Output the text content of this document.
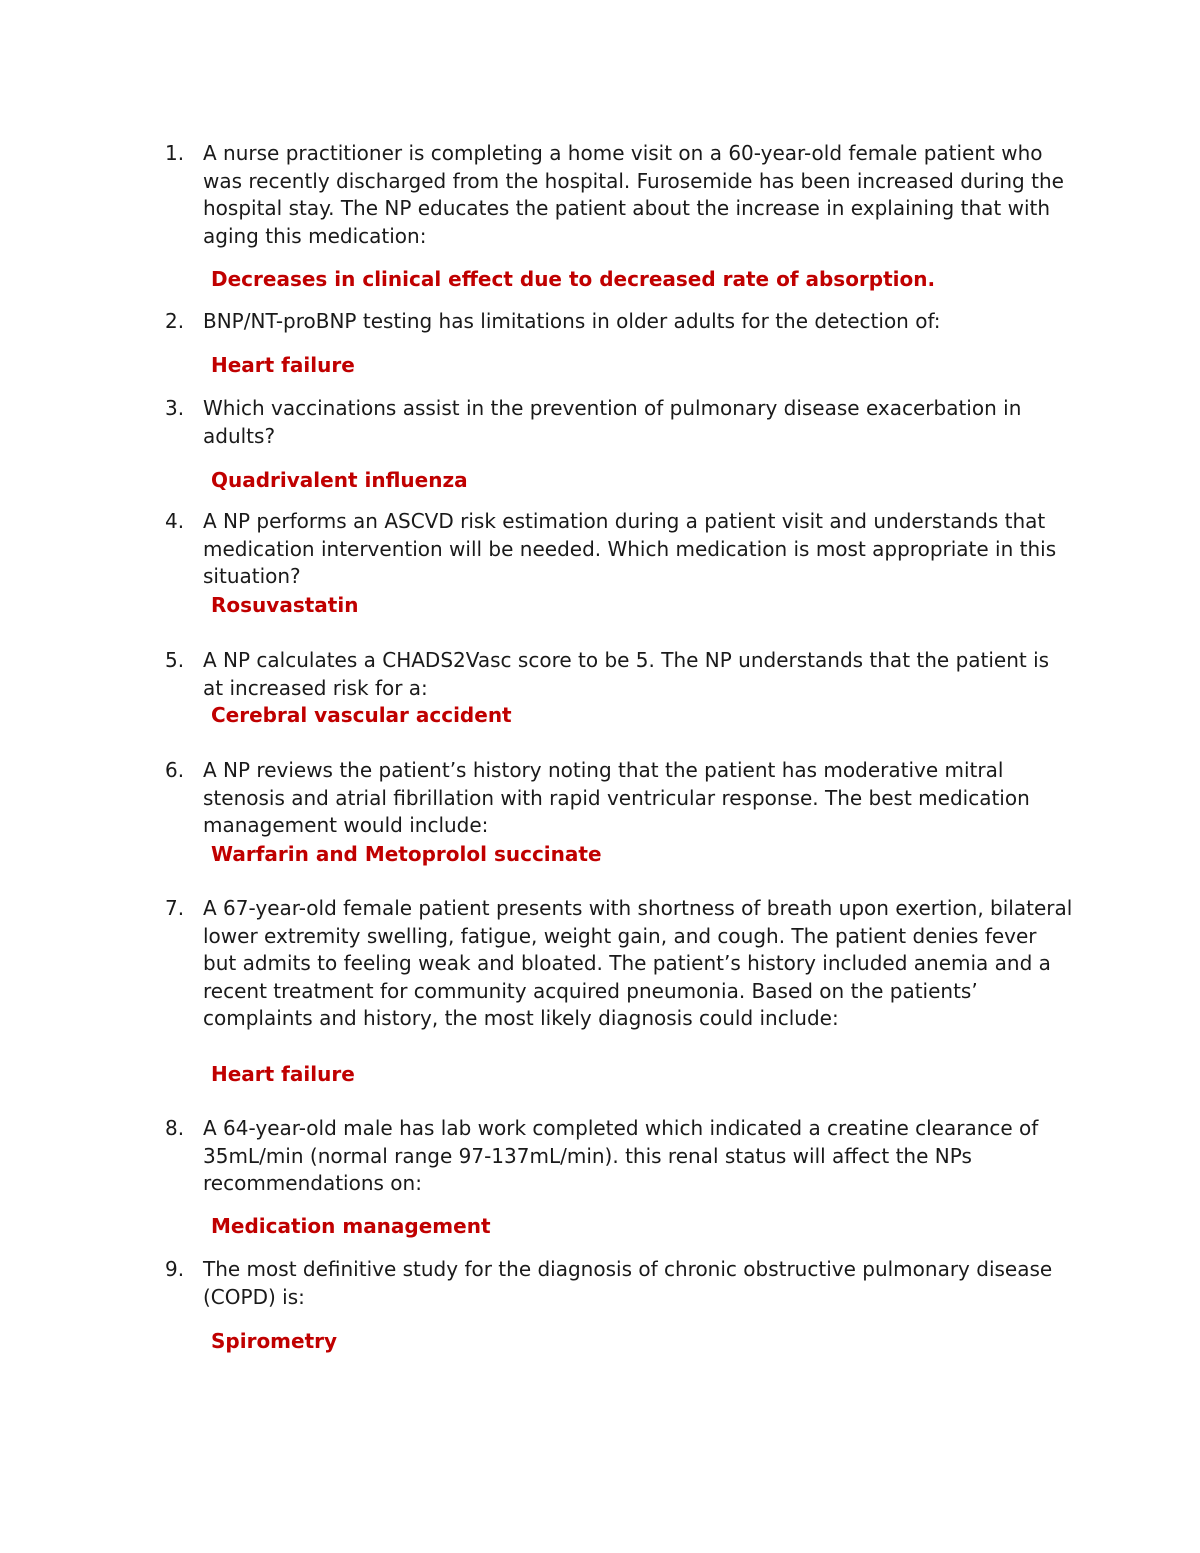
1. A nurse practitioner is completing a home visit on a 60-year-old female patient who was recently discharged from the hospital. Furosemide has been increased during the hospital stay. The NP educates the patient about the increase in explaining that with aging this medication:
Decreases in clinical effect due to decreased rate of absorption.
2. BNP/NT-proBNP testing has limitations in older adults for the detection of:
Heart failure
3. Which vaccinations assist in the prevention of pulmonary disease exacerbation in adults?
Quadrivalent influenza
4. A NP performs an ASCVD risk estimation during a patient visit and understands that medication intervention will be needed. Which medication is most appropriate in this situation?
Rosuvastatin
5. A NP calculates a CHADS2Vasc score to be 5. The NP understands that the patient is at increased risk for a:
Cerebral vascular accident
6. A NP reviews the patient’s history noting that the patient has moderative mitral stenosis and atrial fibrillation with rapid ventricular response. The best medication management would include:
Warfarin and Metoprolol succinate
7. A 67-year-old female patient presents with shortness of breath upon exertion, bilateral lower extremity swelling, fatigue, weight gain, and cough. The patient denies fever but admits to feeling weak and bloated. The patient’s history included anemia and a recent treatment for community acquired pneumonia. Based on the patients’ complaints and history, the most likely diagnosis could include:
Heart failure
8. A 64-year-old male has lab work completed which indicated a creatine clearance of 35mL/min (normal range 97-137mL/min). this renal status will affect the NPs recommendations on:
Medication management
9. The most definitive study for the diagnosis of chronic obstructive pulmonary disease (COPD) is:
Spirometry
